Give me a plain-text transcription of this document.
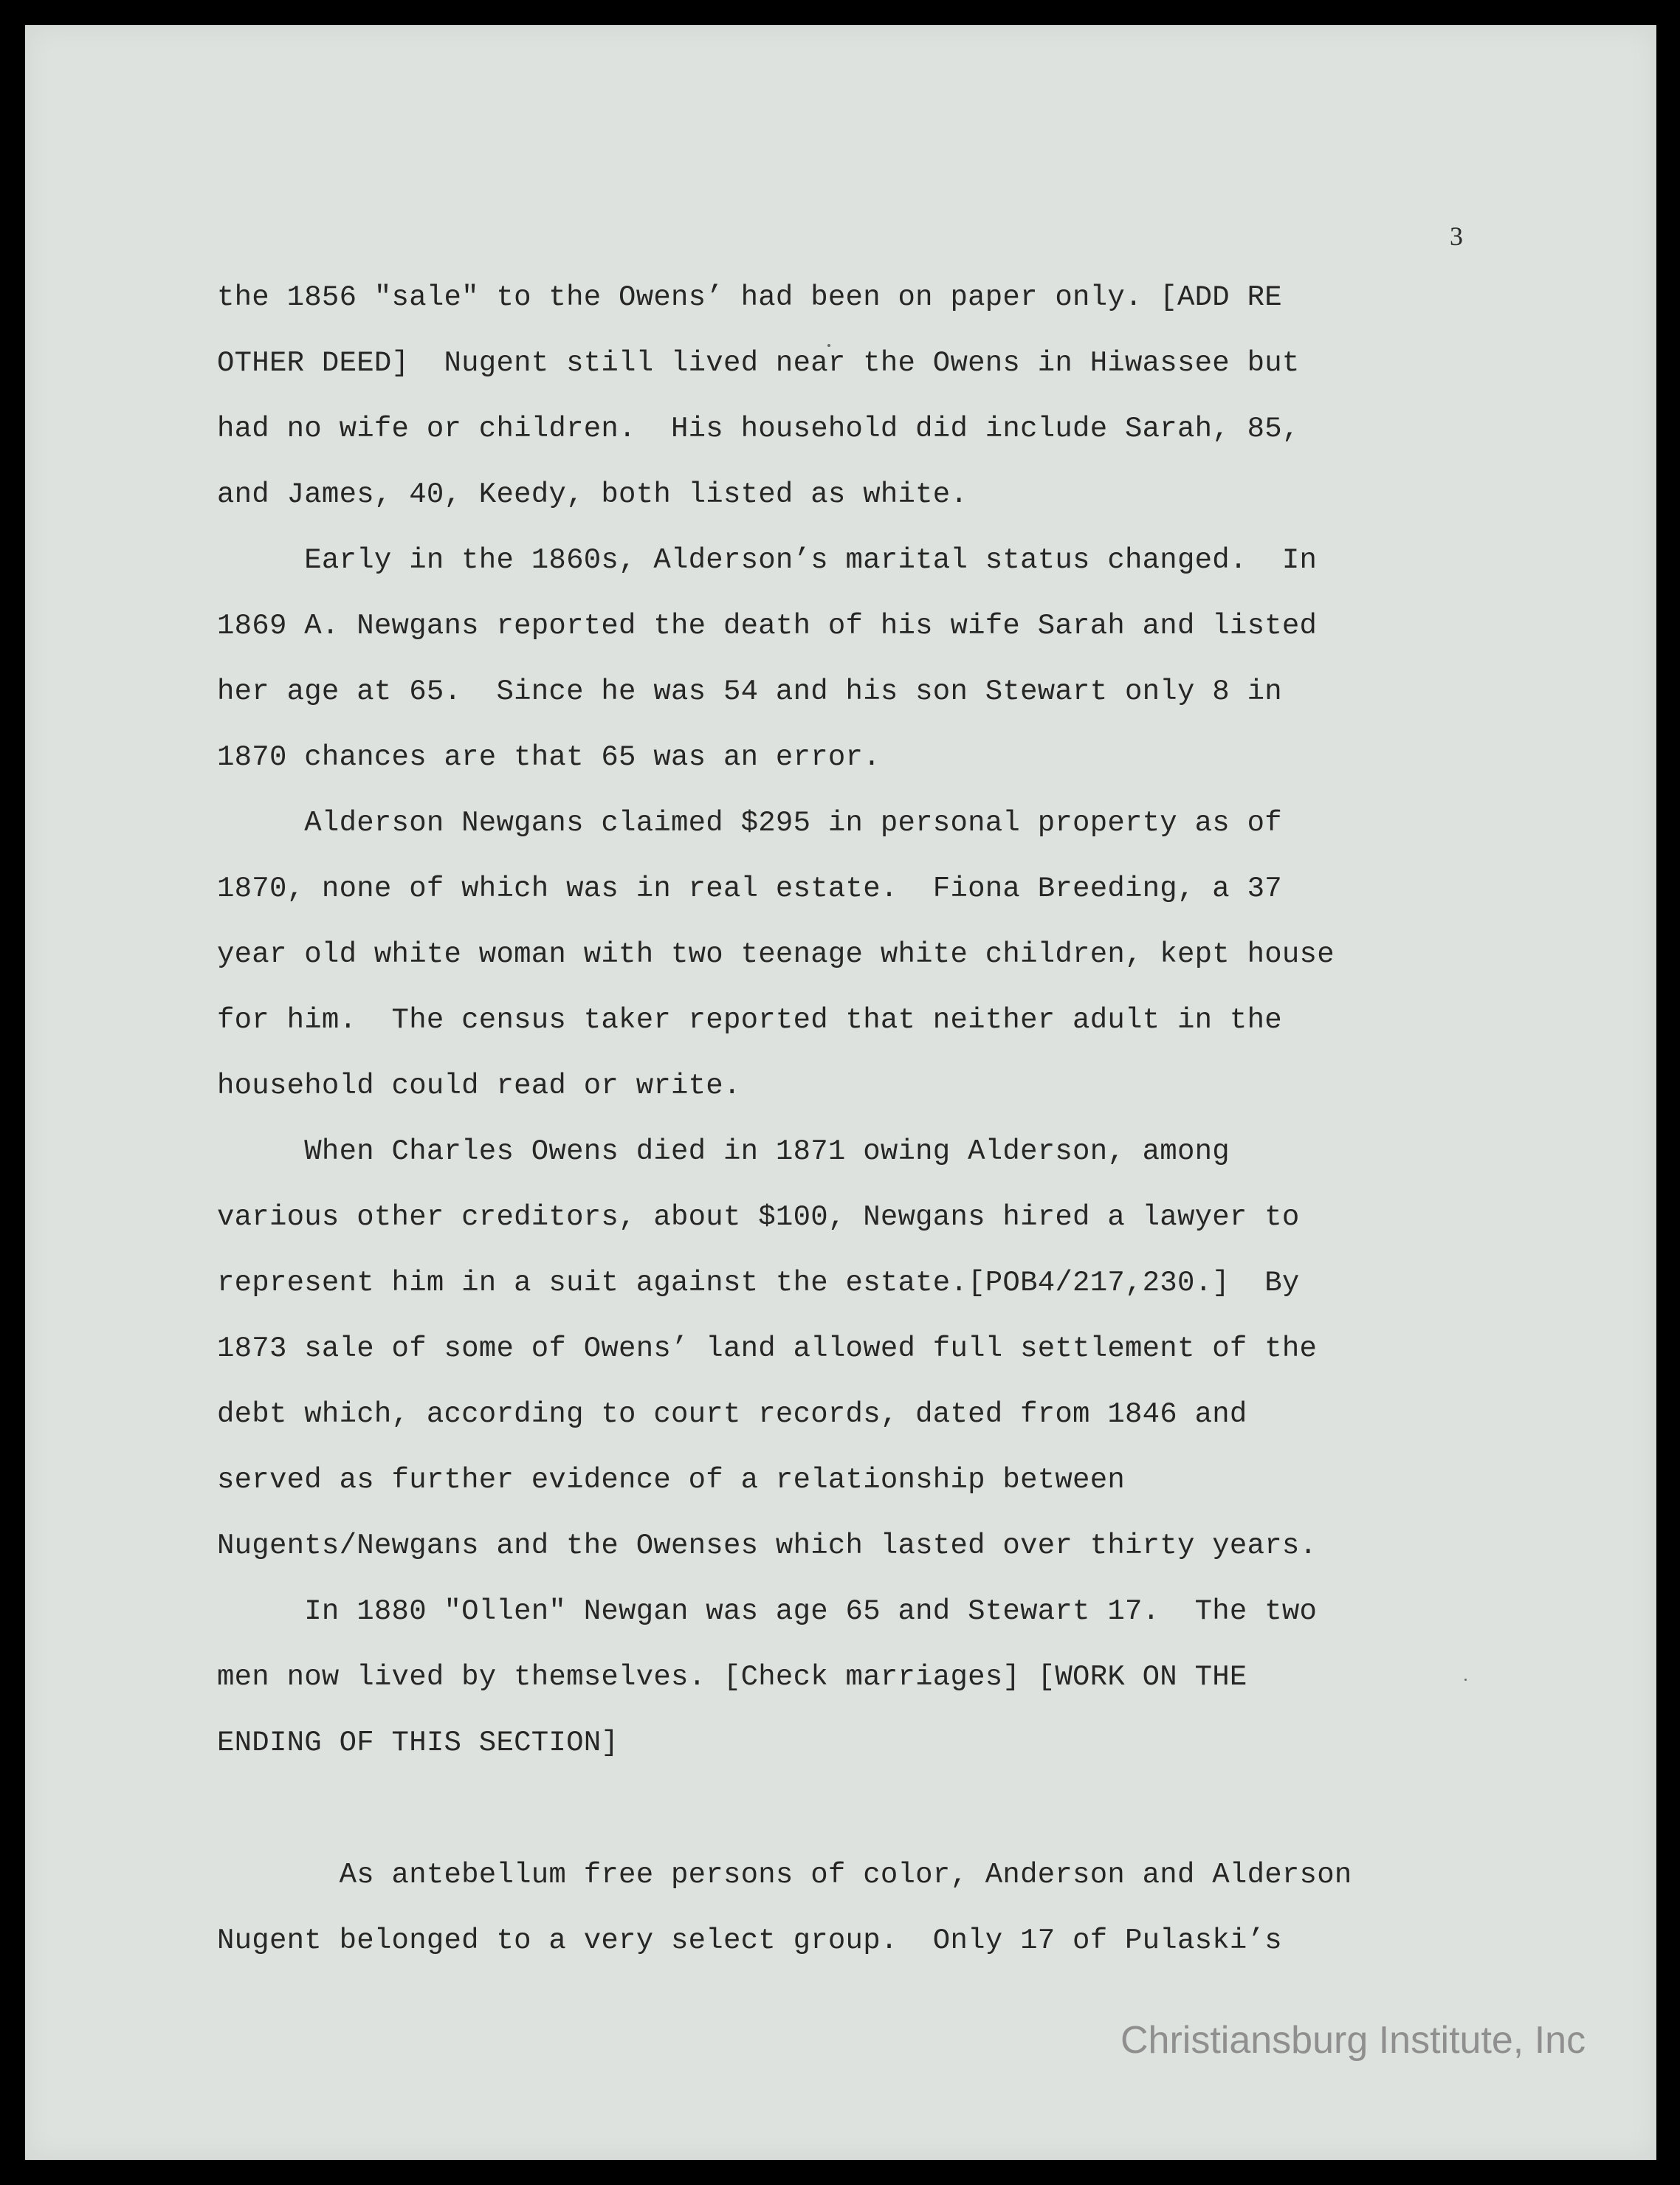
3
the 1856 "sale" to the Owens’ had been on paper only. [ADD RE
OTHER DEED]  Nugent still lived near the Owens in Hiwassee but
had no wife or children.  His household did include Sarah, 85,
and James, 40, Keedy, both listed as white.
Early in the 1860s, Alderson’s marital status changed.  In
1869 A. Newgans reported the death of his wife Sarah and listed
her age at 65.  Since he was 54 and his son Stewart only 8 in
1870 chances are that 65 was an error.
Alderson Newgans claimed $295 in personal property as of
1870, none of which was in real estate.  Fiona Breeding, a 37
year old white woman with two teenage white children, kept house
for him.  The census taker reported that neither adult in the
household could read or write.
When Charles Owens died in 1871 owing Alderson, among
various other creditors, about $100, Newgans hired a lawyer to
represent him in a suit against the estate.[POB4/217,230.]  By
1873 sale of some of Owens’ land allowed full settlement of the
debt which, according to court records, dated from 1846 and
served as further evidence of a relationship between
Nugents/Newgans and the Owenses which lasted over thirty years.
In 1880 "Ollen" Newgan was age 65 and Stewart 17.  The two
men now lived by themselves. [Check marriages] [WORK ON THE
ENDING OF THIS SECTION]
As antebellum free persons of color, Anderson and Alderson
Nugent belonged to a very select group.  Only 17 of Pulaski’s
Christiansburg Institute, Inc
